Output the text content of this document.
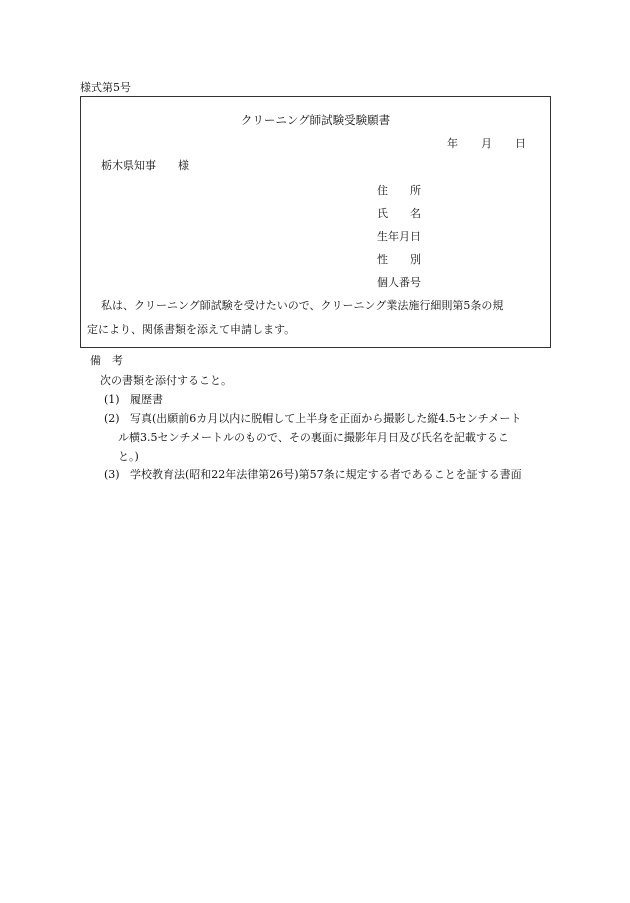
様式第5号
クリーニング師試験受験願書
年 月 日
栃木県知事　　様
住　　所
氏　　名
生年月日
性　　別
個人番号
私は、クリーニング師試験を受けたいので、クリーニング業法施行細則第5条の規
定により、関係書類を添えて申請します。
備　考
次の書類を添付すること。
(1) 履歴書
(2) 写真(出願前6カ月以内に脱帽して上半身を正面から撮影した縦4.5センチメート
ル横3.5センチメートルのもので、その裏面に撮影年月日及び氏名を記載するこ
と。)
(3) 学校教育法(昭和22年法律第26号)第57条に規定する者であることを証する書面
